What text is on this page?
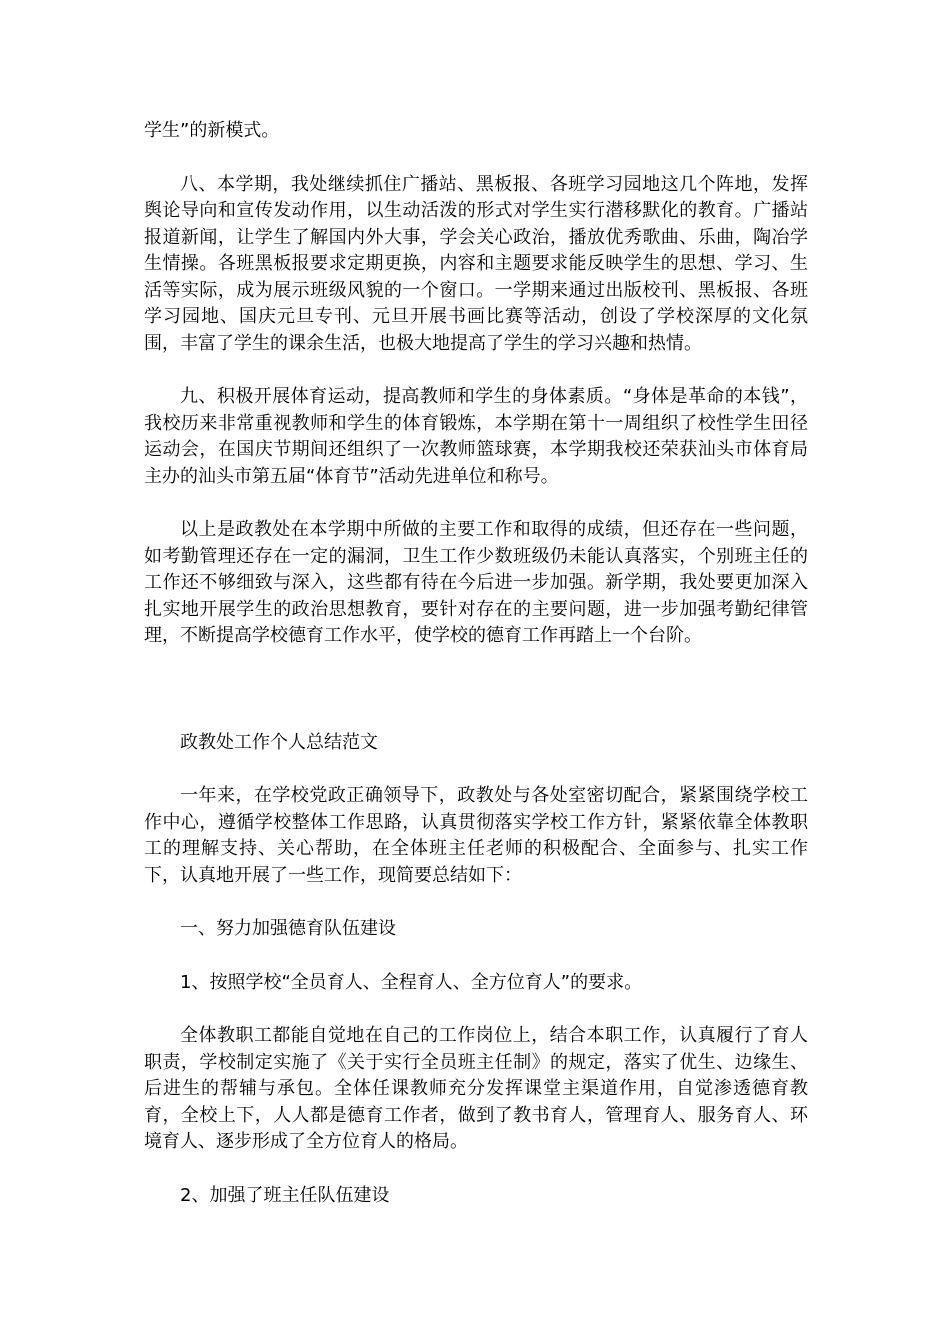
学生”的新模式。

八、本学期，我处继续抓住广播站、黑板报、各班学习园地这几个阵地，发挥舆论导向和宣传发动作用，以生动活泼的形式对学生实行潜移默化的教育。广播站报道新闻，让学生了解国内外大事，学会关心政治，播放优秀歌曲、乐曲，陶冶学生情操。各班黑板报要求定期更换，内容和主题要求能反映学生的思想、学习、生活等实际，成为展示班级风貌的一个窗口。一学期来通过出版校刊、黑板报、各班学习园地、国庆元旦专刊、元旦开展书画比赛等活动，创设了学校深厚的文化氛围，丰富了学生的课余生活，也极大地提高了学生的学习兴趣和热情。

九、积极开展体育运动，提高教师和学生的身体素质。“身体是革命的本钱”，我校历来非常重视教师和学生的体育锻炼，本学期在第十一周组织了校性学生田径运动会，在国庆节期间还组织了一次教师篮球赛，本学期我校还荣获汕头市体育局主办的汕头市第五届“体育节”活动先进单位和称号。

以上是政教处在本学期中所做的主要工作和取得的成绩，但还存在一些问题，如考勤管理还存在一定的漏洞，卫生工作少数班级仍未能认真落实，个别班主任的工作还不够细致与深入，这些都有待在今后进一步加强。新学期，我处要更加深入扎实地开展学生的政治思想教育，要针对存在的主要问题，进一步加强考勤纪律管理，不断提高学校德育工作水平，使学校的德育工作再踏上一个台阶。

政教处工作个人总结范文

一年来，在学校党政正确领导下，政教处与各处室密切配合，紧紧围绕学校工作中心，遵循学校整体工作思路，认真贯彻落实学校工作方针，紧紧依靠全体教职工的理解支持、关心帮助，在全体班主任老师的积极配合、全面参与、扎实工作下，认真地开展了一些工作，现简要总结如下：

一、努力加强德育队伍建设

1、按照学校“全员育人、全程育人、全方位育人”的要求。

全体教职工都能自觉地在自己的工作岗位上，结合本职工作，认真履行了育人职责，学校制定实施了《关于实行全员班主任制》的规定，落实了优生、边缘生、后进生的帮辅与承包。全体任课教师充分发挥课堂主渠道作用，自觉渗透德育教育，全校上下，人人都是德育工作者，做到了教书育人，管理育人、服务育人、环境育人、逐步形成了全方位育人的格局。

2、加强了班主任队伍建设
